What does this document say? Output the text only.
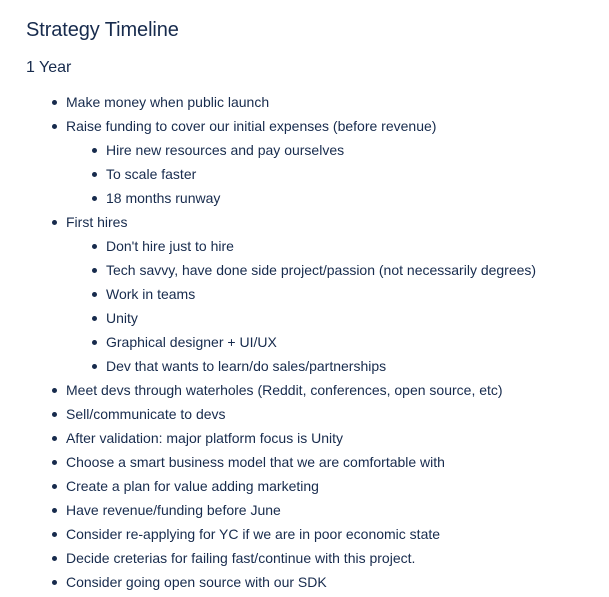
Strategy Timeline
1 Year
Make money when public launch
Raise funding to cover our initial expenses (before revenue)
Hire new resources and pay ourselves
To scale faster
18 months runway
First hires
Don't hire just to hire
Tech savvy, have done side project/passion (not necessarily degrees)
Work in teams
Unity
Graphical designer + UI/UX
Dev that wants to learn/do sales/partnerships
Meet devs through waterholes (Reddit, conferences, open source, etc)
Sell/communicate to devs
After validation: major platform focus is Unity
Choose a smart business model that we are comfortable with
Create a plan for value adding marketing
Have revenue/funding before June
Consider re-applying for YC if we are in poor economic state
Decide creterias for failing fast/continue with this project.
Consider going open source with our SDK
